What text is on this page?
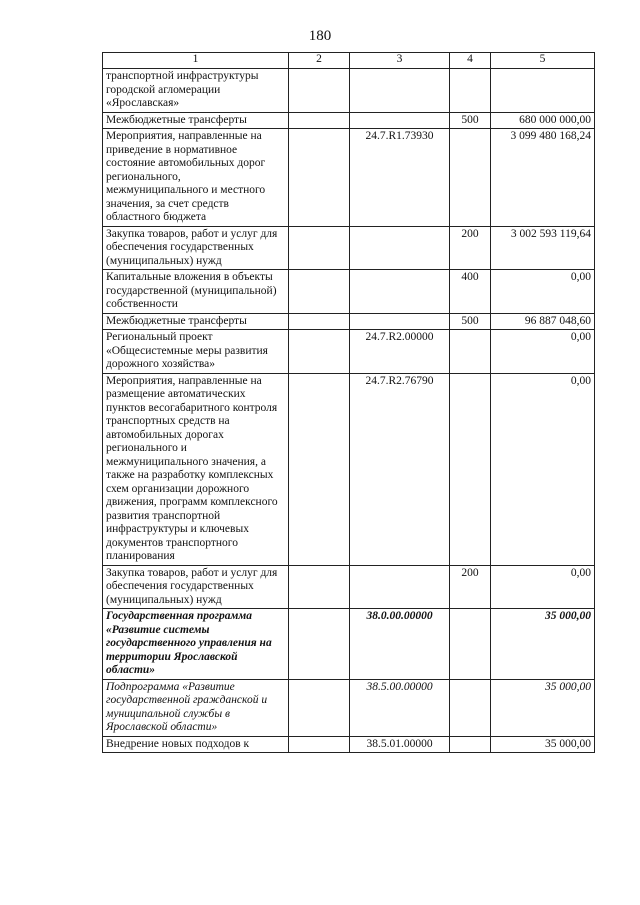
180
1	2	3	4	5
транспортной инфраструктуры городской агломерации «Ярославская»				
Межбюджетные трансферты			500	680 000 000,00
Мероприятия, направленные на приведение в нормативное состояние автомобильных дорог регионального, межмуниципального и местного значения, за счет средств областного бюджета		24.7.R1.73930		3 099 480 168,24
Закупка товаров, работ и услуг для обеспечения государственных (муниципальных) нужд			200	3 002 593 119,64
Капитальные вложения в объекты государственной (муниципальной) собственности			400	0,00
Межбюджетные трансферты			500	96 887 048,60
Региональный проект «Общесистемные меры развития дорожного хозяйства»		24.7.R2.00000		0,00
Мероприятия, направленные на размещение автоматических пунктов весогабаритного контроля транспортных средств на автомобильных дорогах регионального и межмуниципального значения, а также на разработку комплексных схем организации дорожного движения, программ комплексного развития транспортной инфраструктуры и ключевых документов транспортного планирования		24.7.R2.76790		0,00
Закупка товаров, работ и услуг для обеспечения государственных (муниципальных) нужд			200	0,00
Государственная программа «Развитие системы государственного управления на территории Ярославской области»		38.0.00.00000		35 000,00
Подпрограмма «Развитие государственной гражданской и муниципальной службы в Ярославской области»		38.5.00.00000		35 000,00
Внедрение новых подходов к		38.5.01.00000		35 000,00
